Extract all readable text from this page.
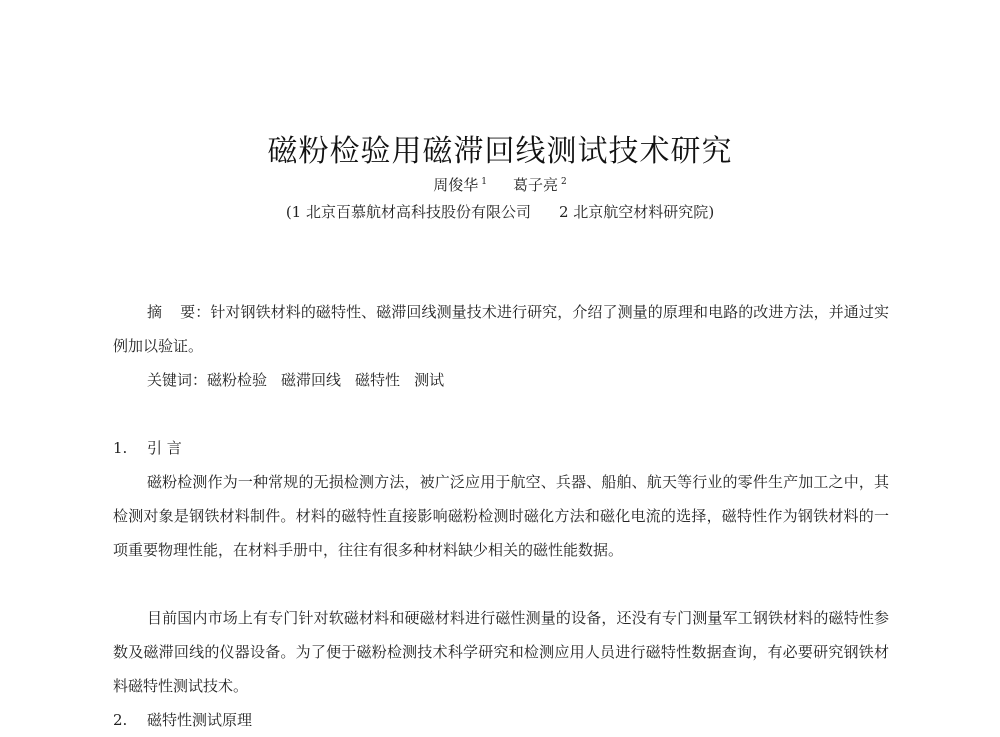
磁粉检验用磁滞回线测试技术研究
周俊华 $^1$ 葛子亮 $^2$
(1 北京百慕航材高科技股份有限公司 2 北京航空材料研究院)
摘 要：针对钢铁材料的磁特性、磁滞回线测量技术进行研究，介绍了测量的原理和电路的改进方法，并通过实例加以验证。
关键词：磁粉检验 磁滞回线 磁特性 测试
1. 引 言
磁粉检测作为一种常规的无损检测方法，被广泛应用于航空、兵器、船舶、航天等行业的零件生产加工之中，其检测对象是钢铁材料制件。材料的磁特性直接影响磁粉检测时磁化方法和磁化电流的选择，磁特性作为钢铁材料的一项重要物理性能，在材料手册中，往往有很多种材料缺少相关的磁性能数据。
目前国内市场上有专门针对软磁材料和硬磁材料进行磁性测量的设备，还没有专门测量军工钢铁材料的磁特性参数及磁滞回线的仪器设备。为了便于磁粉检测技术科学研究和检测应用人员进行磁特性数据查询，有必要研究钢铁材料磁特性测试技术。
2. 磁特性测试原理
